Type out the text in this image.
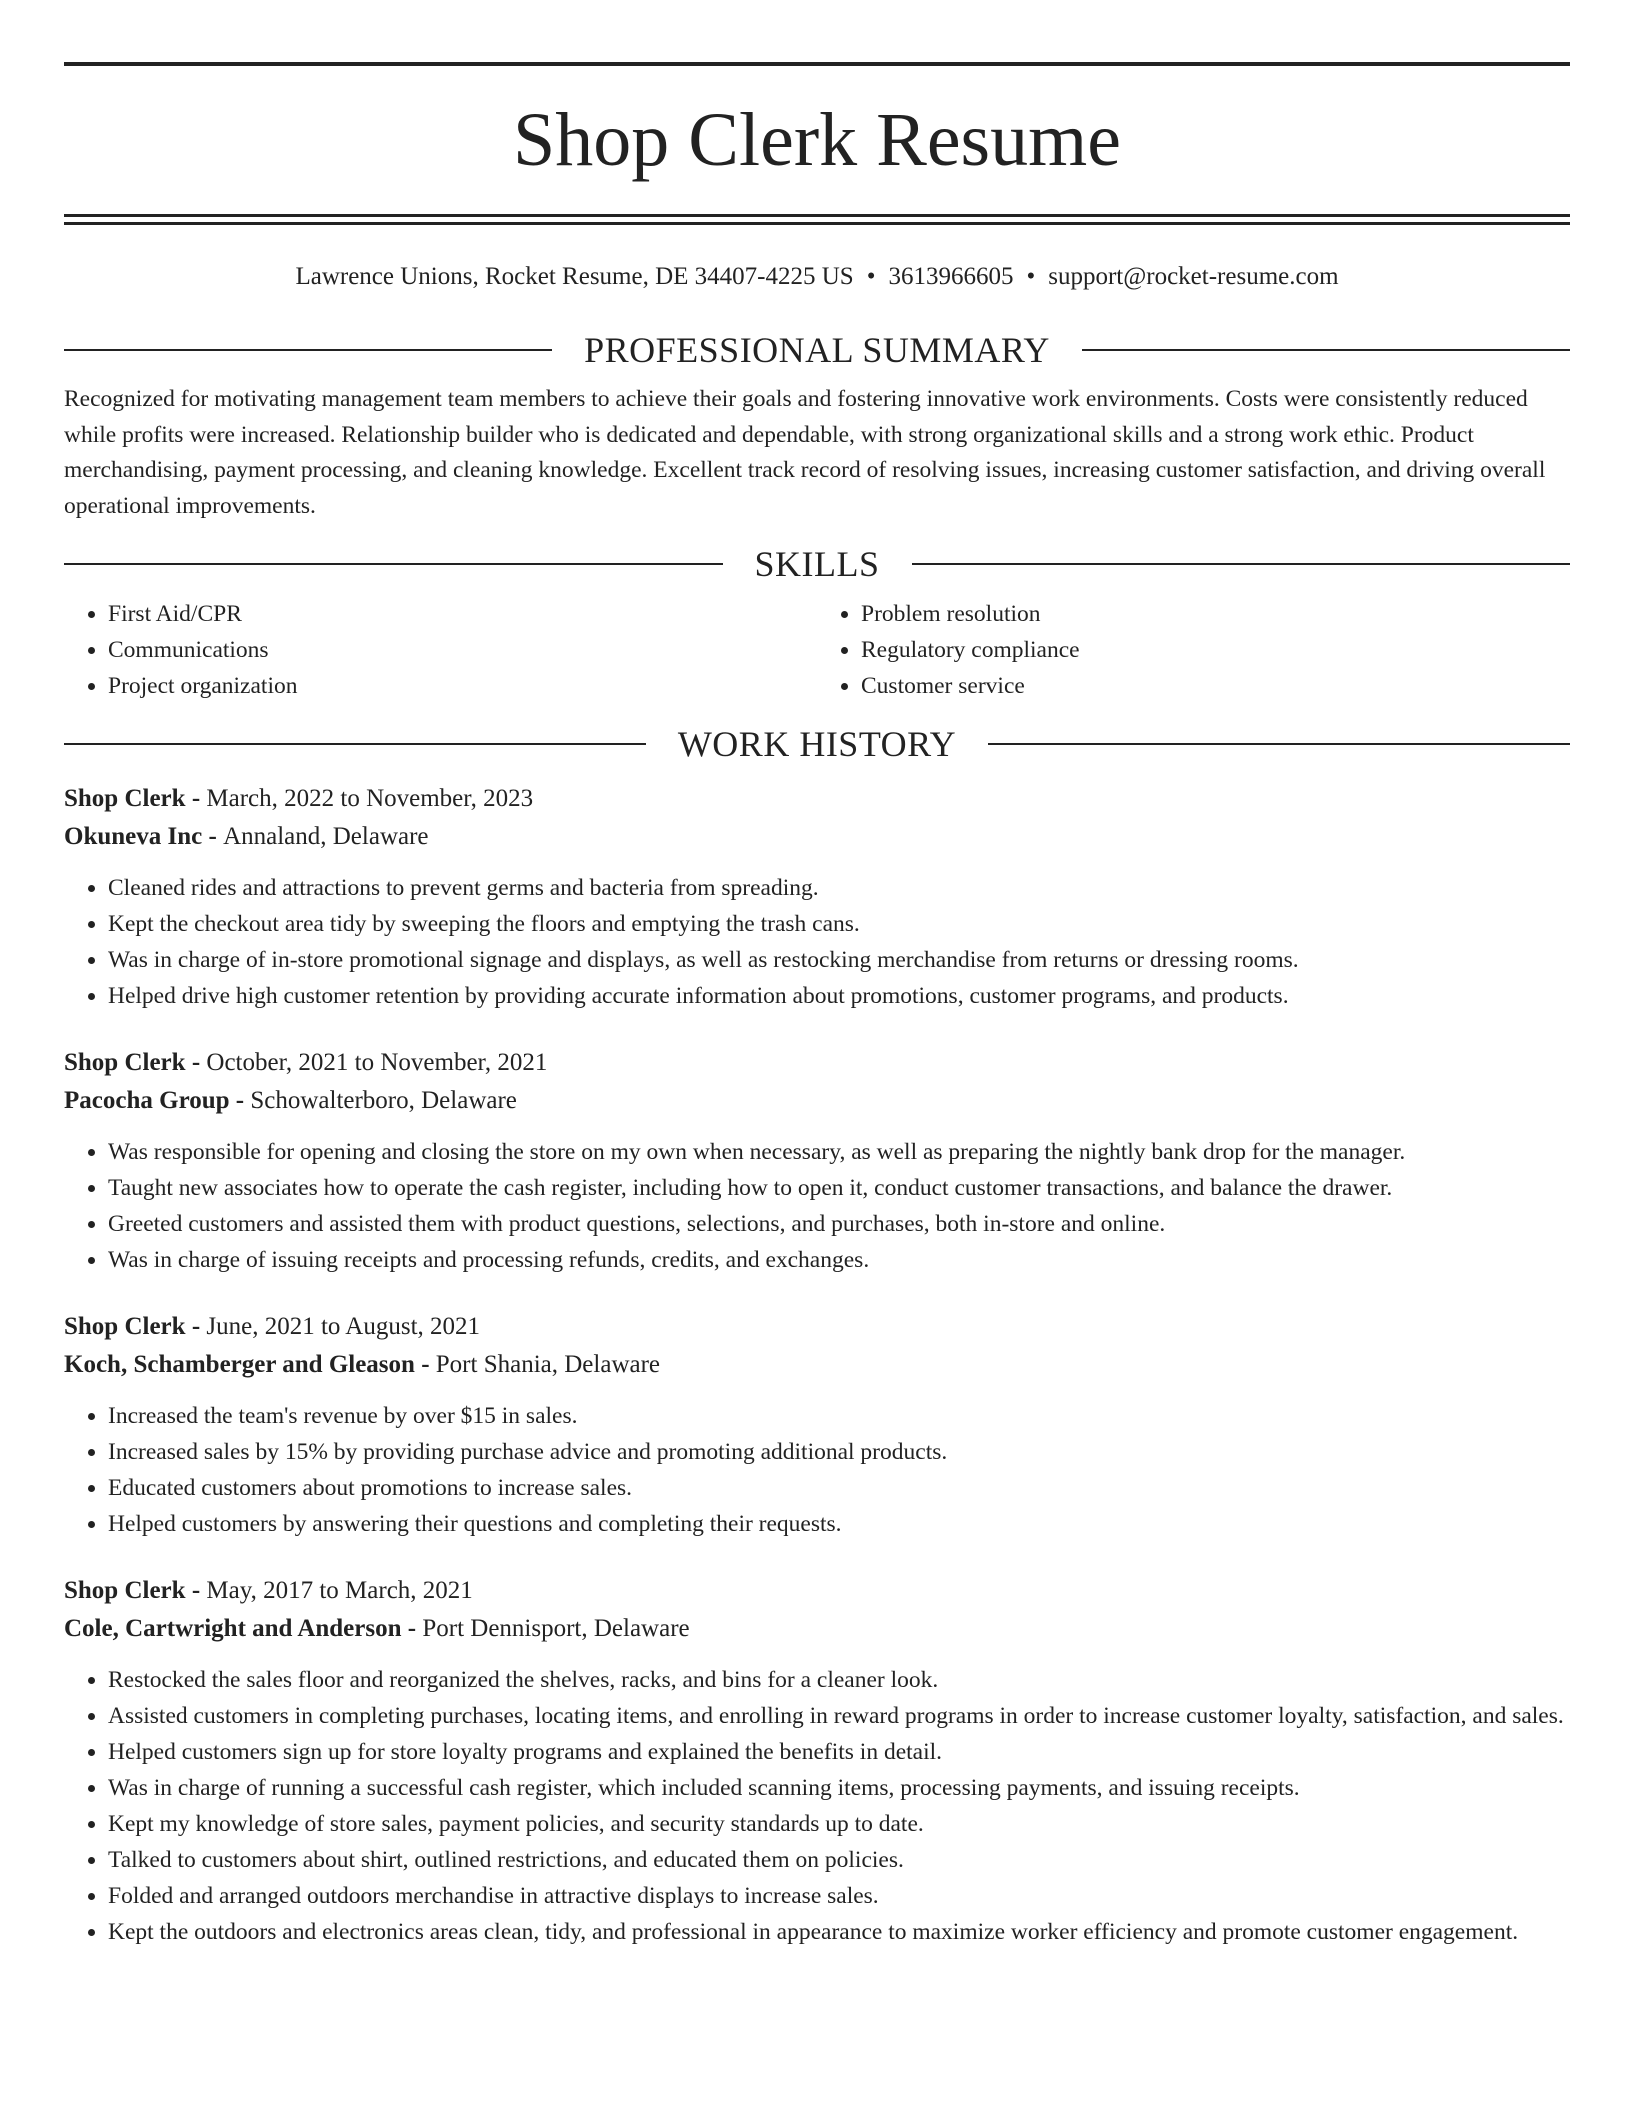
Shop Clerk Resume
Lawrence Unions, Rocket Resume, DE 34407-4225 US • 3613966605 • support@rocket-resume.com
PROFESSIONAL SUMMARY

Recognized for motivating management team members to achieve their goals and fostering innovative work environments. Costs were consistently reduced while profits were increased. Relationship builder who is dedicated and dependable, with strong organizational skills and a strong work ethic. Product merchandising, payment processing, and cleaning knowledge. Excellent track record of resolving issues, increasing customer satisfaction, and driving overall operational improvements.

SKILLS
• First Aid/CPR
• Communications
• Project organization
• Problem resolution
• Regulatory compliance
• Customer service
WORK HISTORY
Shop Clerk - March, 2022 to November, 2023
Okuneva Inc - Annaland, Delaware
• Cleaned rides and attractions to prevent germs and bacteria from spreading.
• Kept the checkout area tidy by sweeping the floors and emptying the trash cans.
• Was in charge of in-store promotional signage and displays, as well as restocking merchandise from returns or dressing rooms.
• Helped drive high customer retention by providing accurate information about promotions, customer programs, and products.
Shop Clerk - October, 2021 to November, 2021
Pacocha Group - Schowalterboro, Delaware
• Was responsible for opening and closing the store on my own when necessary, as well as preparing the nightly bank drop for the manager.
• Taught new associates how to operate the cash register, including how to open it, conduct customer transactions, and balance the drawer.
• Greeted customers and assisted them with product questions, selections, and purchases, both in-store and online.
• Was in charge of issuing receipts and processing refunds, credits, and exchanges.
Shop Clerk - June, 2021 to August, 2021
Koch, Schamberger and Gleason - Port Shania, Delaware
• Increased the team's revenue by over $15 in sales.
• Increased sales by 15% by providing purchase advice and promoting additional products.
• Educated customers about promotions to increase sales.
• Helped customers by answering their questions and completing their requests.
Shop Clerk - May, 2017 to March, 2021
Cole, Cartwright and Anderson - Port Dennisport, Delaware
• Restocked the sales floor and reorganized the shelves, racks, and bins for a cleaner look.
• Assisted customers in completing purchases, locating items, and enrolling in reward programs in order to increase customer loyalty, satisfaction, and sales.
• Helped customers sign up for store loyalty programs and explained the benefits in detail.
• Was in charge of running a successful cash register, which included scanning items, processing payments, and issuing receipts.
• Kept my knowledge of store sales, payment policies, and security standards up to date.
• Talked to customers about shirt, outlined restrictions, and educated them on policies.
• Folded and arranged outdoors merchandise in attractive displays to increase sales.
• Kept the outdoors and electronics areas clean, tidy, and professional in appearance to maximize worker efficiency and promote customer engagement.
